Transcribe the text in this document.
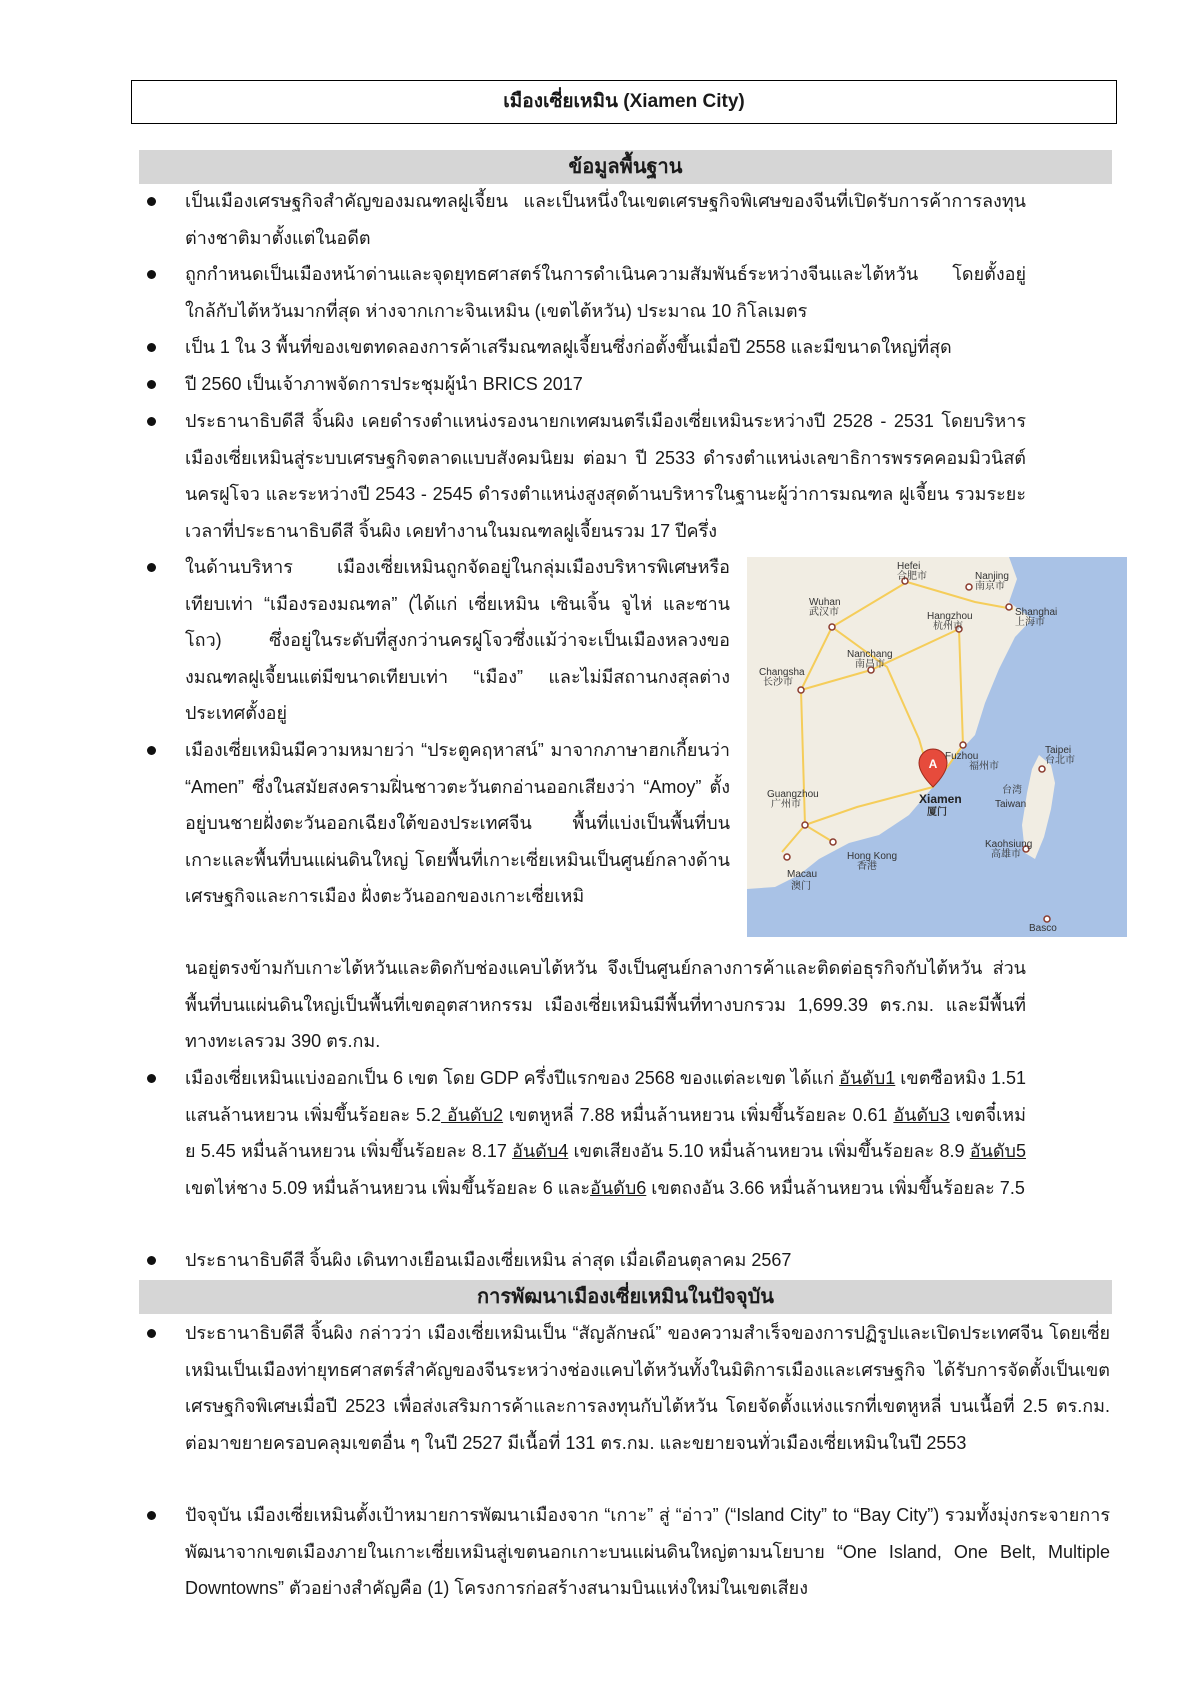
เมืองเซี่ยเหมิน (Xiamen City)
ข้อมูลพื้นฐาน

เป็นเมืองเศรษฐกิจสำคัญของมณฑลฝูเจี้ยน และเป็นหนึ่งในเขตเศรษฐกิจพิเศษของจีนที่เปิดรับการค้าการลงทุนต่างชาติมาตั้งแต่ในอดีต

ถูกกำหนดเป็นเมืองหน้าด่านและจุดยุทธศาสตร์ในการดำเนินความสัมพันธ์ระหว่างจีนและไต้หวัน โดยตั้งอยู่ใกล้กับไต้หวันมากที่สุด ห่างจากเกาะจินเหมิน (เขตไต้หวัน) ประมาณ 10 กิโลเมตร

เป็น 1 ใน 3 พื้นที่ของเขตทดลองการค้าเสรีมณฑลฝูเจี้ยนซึ่งก่อตั้งขึ้นเมื่อปี 2558 และมีขนาดใหญ่ที่สุด

ปี 2560 เป็นเจ้าภาพจัดการประชุมผู้นำ BRICS 2017

ประธานาธิบดีสี จิ้นผิง เคยดำรงตำแหน่งรองนายกเทศมนตรีเมืองเซี่ยเหมินระหว่างปี 2528 - 2531 โดยบริหารเมืองเซี่ยเหมินสู่ระบบเศรษฐกิจตลาดแบบสังคมนิยม ต่อมา ปี 2533 ดำรงตำแหน่งเลขาธิการพรรคคอมมิวนิสต์นครฝูโจว และระหว่างปี 2543 - 2545 ดำรงตำแหน่งสูงสุดด้านบริหารในฐานะผู้ว่าการมณฑล ฝูเจี้ยน รวมระยะเวลาที่ประธานาธิบดีสี จิ้นผิง เคยทำงานในมณฑลฝูเจี้ยนรวม 17 ปีครึ่ง

ในด้านบริหาร เมืองเซี่ยเหมินถูกจัดอยู่ในกลุ่มเมืองบริหารพิเศษหรือเทียบเท่า “เมืองรองมณฑล” (ได้แก่ เซี่ยเหมิน เซินเจิ้น จูไห่ และซานโถว) ซึ่งอยู่ในระดับที่สูงกว่านครฝูโจวซึ่งแม้ว่าจะเป็นเมืองหลวงของมณฑลฝูเจี้ยนแต่มีขนาดเทียบเท่า “เมือง” และไม่มีสถานกงสุลต่างประเทศตั้งอยู่

เมืองเซี่ยเหมินมีความหมายว่า “ประตูคฤหาสน์” มาจากภาษาฮกเกี้ยนว่า “Amen” ซึ่งในสมัยสงครามฝิ่นชาวตะวันตกอ่านออกเสียงว่า “Amoy” ตั้งอยู่บนชายฝั่งตะวันออกเฉียงใต้ของประเทศจีน พื้นที่แบ่งเป็นพื้นที่บนเกาะและพื้นที่บนแผ่นดินใหญ่ โดยพื้นที่เกาะเซี่ยเหมินเป็นศูนย์กลางด้านเศรษฐกิจและการเมือง ฝั่งตะวันออกของเกาะเซี่ยเหมิ

นอยู่ตรงข้ามกับเกาะไต้หวันและติดกับช่องแคบไต้หวัน จึงเป็นศูนย์กลางการค้าและติดต่อธุรกิจกับไต้หวัน ส่วนพื้นที่บนแผ่นดินใหญ่เป็นพื้นที่เขตอุตสาหกรรม เมืองเซี่ยเหมินมีพื้นที่ทางบกรวม 1,699.39 ตร.กม. และมีพื้นที่ทางทะเลรวม 390 ตร.กม.

เมืองเซี่ยเหมินแบ่งออกเป็น 6 เขต โดย GDP ครึ่งปีแรกของ 2568 ของแต่ละเขต ได้แก่ อันดับ1 เขตซือหมิง 1.51 แสนล้านหยวน เพิ่มขึ้นร้อยละ 5.2 อันดับ2 เขตหูหลี่ 7.88 หมื่นล้านหยวน เพิ่มขึ้นร้อยละ 0.61 อันดับ3 เขตจี๋เหม่ย 5.45 หมื่นล้านหยวน เพิ่มขึ้นร้อยละ 8.17 อันดับ4 เขตเสียงอัน 5.10 หมื่นล้านหยวน เพิ่มขึ้นร้อยละ 8.9 อันดับ5 เขตไห่ชาง 5.09 หมื่นล้านหยวน เพิ่มขึ้นร้อยละ 6 และอันดับ6 เขตถงอัน 3.66 หมื่นล้านหยวน เพิ่มขึ้นร้อยละ 7.5

ประธานาธิบดีสี จิ้นผิง เดินทางเยือนเมืองเซี่ยเหมิน ล่าสุด เมื่อเดือนตุลาคม 2567

การพัฒนาเมืองเซี่ยเหมินในปัจจุบัน

ประธานาธิบดีสี จิ้นผิง กล่าวว่า เมืองเซี่ยเหมินเป็น “สัญลักษณ์” ของความสำเร็จของการปฏิรูปและเปิดประเทศจีน โดยเซี่ยเหมินเป็นเมืองท่ายุทธศาสตร์สำคัญของจีนระหว่างช่องแคบไต้หวันทั้งในมิติการเมืองและเศรษฐกิจ ได้รับการจัดตั้งเป็นเขตเศรษฐกิจพิเศษเมื่อปี 2523 เพื่อส่งเสริมการค้าและการลงทุนกับไต้หวัน โดยจัดตั้งแห่งแรกที่เขตหูหลี่ บนเนื้อที่ 2.5 ตร.กม. ต่อมาขยายครอบคลุมเขตอื่น ๆ ในปี 2527 มีเนื้อที่ 131 ตร.กม. และขยายจนทั่วเมืองเซี่ยเหมินในปี 2553

ปัจจุบัน เมืองเซี่ยเหมินตั้งเป้าหมายการพัฒนาเมืองจาก “เกาะ” สู่ “อ่าว” (“Island City” to “Bay City”) รวมทั้งมุ่งกระจายการพัฒนาจากเขตเมืองภายในเกาะเซี่ยเหมินสู่เขตนอกเกาะบนแผ่นดินใหญ่ตามนโยบาย “One Island, One Belt, Multiple Downtowns” ตัวอย่างสำคัญคือ (1) โครงการก่อสร้างสนามบินแห่งใหม่ในเขตเสียง

A
Hefei
合肥市	Nanjing
南京市
Wuhan
武汉市	Shanghai
上海市
Hangzhou
杭州市
Nanchang
南昌市
Changsha
长沙市
Taipei
台北市
Fuzhou
福州市
Xiamen
厦门
台湾
Taiwan
Guangzhou
广州市
Hong Kong
香港
Kaohsiung
高雄市
Macau
澳门
Basco
